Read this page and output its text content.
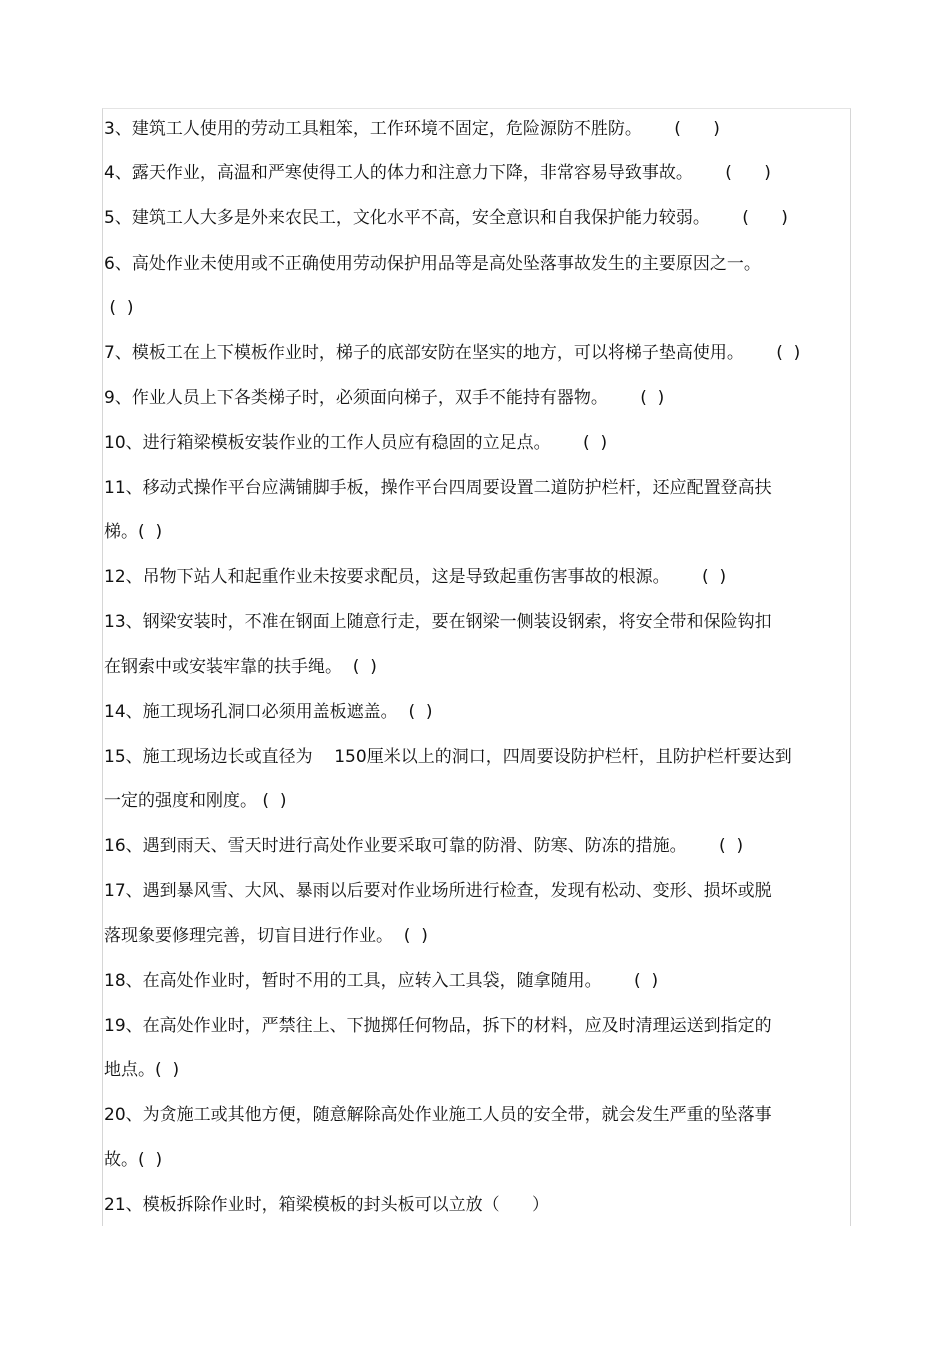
3、建筑工人使用的劳动工具粗笨，工作环境不固定，危险源防不胜防。      (      )
4、露天作业，高温和严寒使得工人的体力和注意力下降，非常容易导致事故。      (      )
5、建筑工人大多是外来农民工，文化水平不高，安全意识和自我保护能力较弱。      (      )
6、高处作业未使用或不正确使用劳动保护用品等是高处坠落事故发生的主要原因之一。
(  )
7、模板工在上下模板作业时，梯子的底部安防在坚实的地方，可以将梯子垫高使用。      (  )
9、作业人员上下各类梯子时，必须面向梯子，双手不能持有器物。      (  )
10、进行箱梁模板安装作业的工作人员应有稳固的立足点。      (  )
11、移动式操作平台应满铺脚手板，操作平台四周要设置二道防护栏杆，还应配置登高扶
梯。(  )
12、吊物下站人和起重作业未按要求配员，这是导致起重伤害事故的根源。      (  )
13、钢梁安装时，不准在钢面上随意行走，要在钢梁一侧装设钢索，将安全带和保险钩扣
在钢索中或安装牢靠的扶手绳。  (  )
14、施工现场孔洞口必须用盖板遮盖。  (  )
15、施工现场边长或直径为    150厘米以上的洞口，四周要设防护栏杆，且防护栏杆要达到
一定的强度和刚度。 (  )
16、遇到雨天、雪天时进行高处作业要采取可靠的防滑、防寒、防冻的措施。      (  )
17、遇到暴风雪、大风、暴雨以后要对作业场所进行检查，发现有松动、变形、损坏或脱
落现象要修理完善，切盲目进行作业。  (  )
18、在高处作业时，暂时不用的工具，应转入工具袋，随拿随用。      (  )
19、在高处作业时，严禁往上、下抛掷任何物品，拆下的材料，应及时清理运送到指定的
地点。(  )
20、为贪施工或其他方便，随意解除高处作业施工人员的安全带，就会发生严重的坠落事
故。(  )
21、模板拆除作业时，箱梁模板的封头板可以立放（      ）
